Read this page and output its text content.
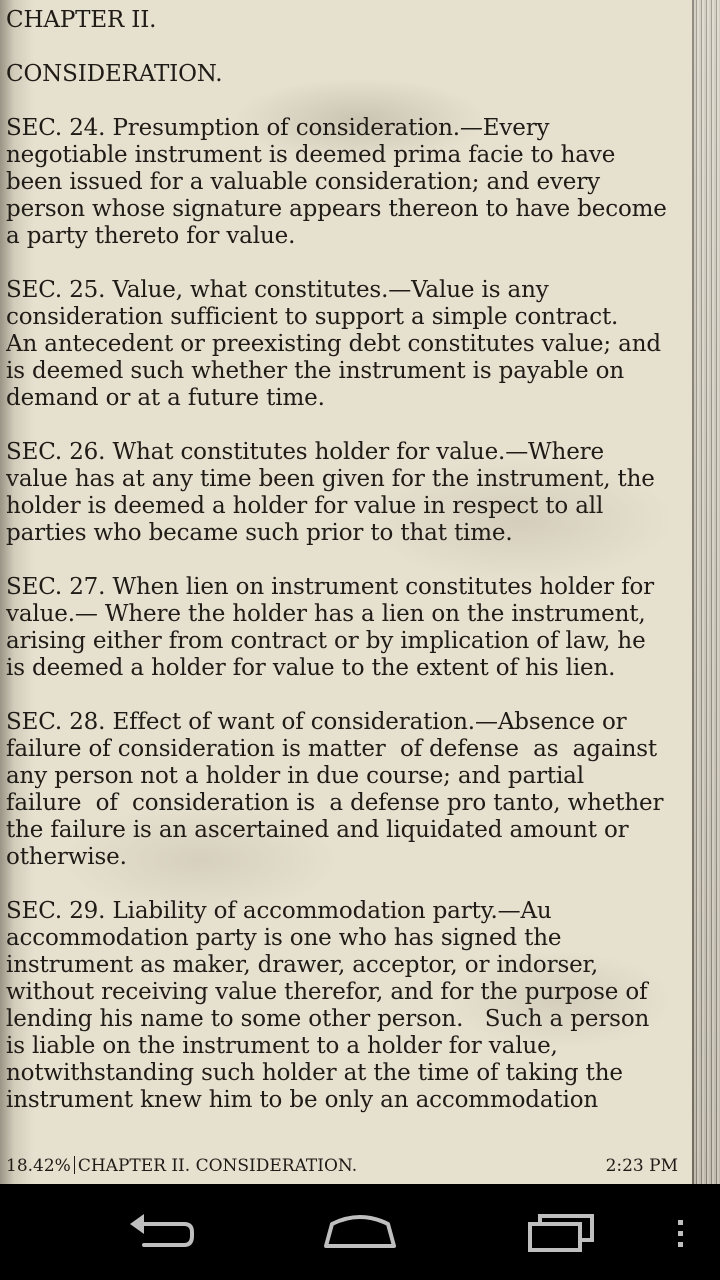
CHAPTER II.
CONSIDERATION.
SEC. 24. Presumption of consideration.—Every
negotiable instrument is deemed prima facie to have
been issued for a valuable consideration; and every
person whose signature appears thereon to have become
a party thereto for value.
SEC. 25. Value, what constitutes.—Value is any
consideration sufficient to support a simple contract.
An antecedent or preexisting debt constitutes value; and
is deemed such whether the instrument is payable on
demand or at a future time.
SEC. 26. What constitutes holder for value.—Where
value has at any time been given for the instrument, the
holder is deemed a holder for value in respect to all
parties who became such prior to that time.
SEC. 27. When lien on instrument constitutes holder for
value.— Where the holder has a lien on the instrument,
arising either from contract or by implication of law, he
is deemed a holder for value to the extent of his lien.
SEC. 28. Effect of want of consideration.—Absence or
failure of consideration is matter  of defense  as  against
any person not a holder in due course; and partial
failure  of  consideration is  a defense pro tanto, whether
the failure is an ascertained and liquidated amount or
otherwise.
SEC. 29. Liability of accommodation party.—Au
accommodation party is one who has signed the
instrument as maker, drawer, acceptor, or indorser,
without receiving value therefor, and for the purpose of
lending his name to some other person.   Such a person
is liable on the instrument to a holder for value,
notwithstanding such holder at the time of taking the
instrument knew him to be only an accommodation
18.42% CHAPTER II. CONSIDERATION.	2:23 PM
